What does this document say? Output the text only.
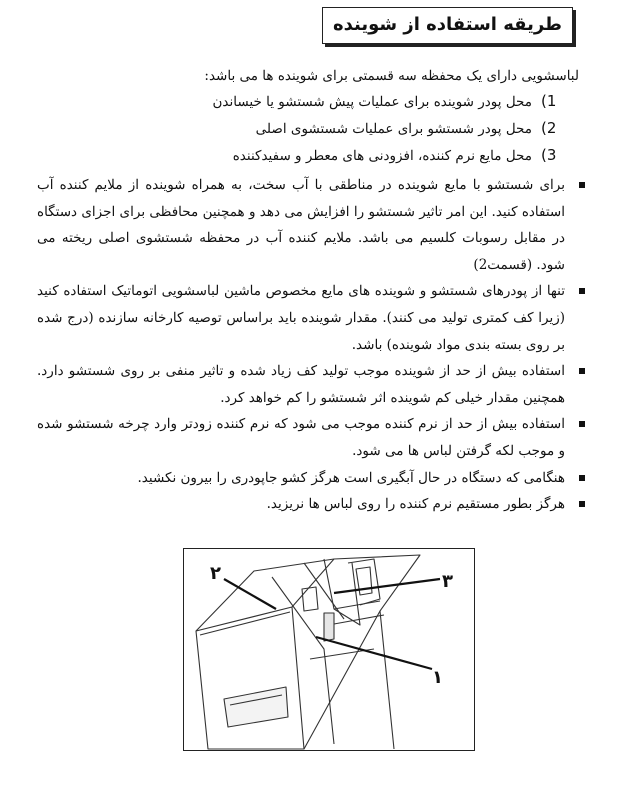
طریقه استفاده از شوینده
لباسشویی دارای یک محفظه سه قسمتی برای شوینده ها می باشد:
1)
محل پودر شوینده برای عملیات پیش شستشو یا خیساندن
2)
محل پودر شستشو برای عملیات شستشوی اصلی
3)
محل مایع نرم کننده، افزودنی های معطر و سفیدکننده
برای شستشو با مایع شوینده در مناطقی با آب سخت، به همراه شوینده از ملایم کننده آب استفاده کنید. این امر تاثیر شستشو را افزایش می دهد و همچنین محافظی برای اجزای دستگاه در مقابل رسوبات کلسیم می باشد. ملایم کننده آب در محفظه شستشوی اصلی ریخته می شود. (قسمت2)
تنها از پودرهای شستشو و شوینده های مایع مخصوص ماشین لباسشویی اتوماتیک استفاده کنید (زیرا کف کمتری تولید می کنند). مقدار شوینده باید براساس توصیه کارخانه سازنده (درج شده بر روی بسته بندی مواد شوینده) باشد.
استفاده بیش از حد از شوینده موجب تولید کف زیاد شده و تاثیر منفی بر روی شستشو دارد. همچنین مقدار خیلی کم شوینده اثر شستشو را کم خواهد کرد.
استفاده بیش از حد از نرم کننده موجب می شود که نرم کننده زودتر وارد چرخه شستشو شده و موجب لکه گرفتن لباس ها می شود.
هنگامی که دستگاه در حال آبگیری است هرگز کشو جاپودری را بیرون نکشید.
هرگز بطور مستقیم نرم کننده را روی لباس ها نریزید.
۲	۳
۱
